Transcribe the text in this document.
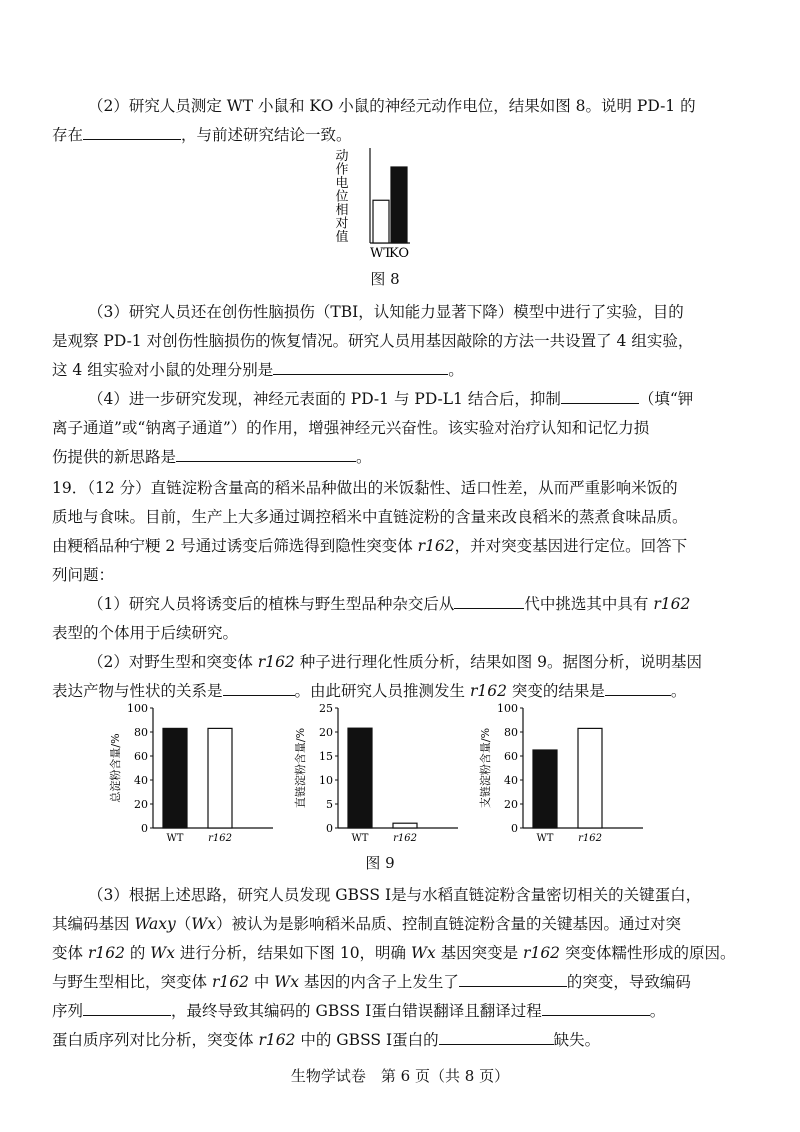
（2）研究人员测定 WT 小鼠和 KO 小鼠的神经元动作电位，结果如图 8。说明 PD-1 的
存在	，与前述研究结论一致。
动
作
电
位
相
对
值
WT
KO
图 8
（3）研究人员还在创伤性脑损伤（TBI，认知能力显著下降）模型中进行了实验，目的
是观察 PD-1 对创伤性脑损伤的恢复情况。研究人员用基因敲除的方法一共设置了 4 组实验，
这 4 组实验对小鼠的处理分别是	。
（4）进一步研究发现，神经元表面的 PD-1 与 PD-L1 结合后，抑制	（填“钾
离子通道”或“钠离子通道”）的作用，增强神经元兴奋性。该实验对治疗认知和记忆力损
伤提供的新思路是	。
19．（12 分）直链淀粉含量高的稻米品种做出的米饭黏性、适口性差，从而严重影响米饭的
质地与食味。目前，生产上大多通过调控稻米中直链淀粉的含量来改良稻米的蒸煮食味品质。
由粳稻品种宁粳 2 号通过诱变后筛选得到隐性突变体 r162，并对突变基因进行定位。回答下
列问题：
（1）研究人员将诱变后的植株与野生型品种杂交后从	代中挑选其中具有 r162
表型的个体用于后续研究。
（2）对野生型和突变体 r162 种子进行理化性质分析，结果如图 9。据图分析，说明基因
表达产物与性状的关系是	。由此研究人员推测发生 r162 突变的结果是	。
总淀粉含量/%
0
20
40
60
80
100
WT r162
直链淀粉含量/%
0
5
10
15
20
25
WT r162
支链淀粉含量/%
0
20
40
60
80
100
WT r162
图 9
（3）根据上述思路，研究人员发现 GBSS Ⅰ是与水稻直链淀粉含量密切相关的关键蛋白，
其编码基因 Waxy（Wx）被认为是影响稻米品质、控制直链淀粉含量的关键基因。通过对突
变体 r162 的 Wx 进行分析，结果如下图 10，明确 Wx 基因突变是 r162 突变体糯性形成的原因。
与野生型相比，突变体 r162 中 Wx 基因的内含子上发生了	的突变，导致编码
序列	，最终导致其编码的 GBSS Ⅰ蛋白错误翻译且翻译过程	。
蛋白质序列对比分析，突变体 r162 中的 GBSS Ⅰ蛋白的	缺失。
生物学试卷　第 6 页（共 8 页）
